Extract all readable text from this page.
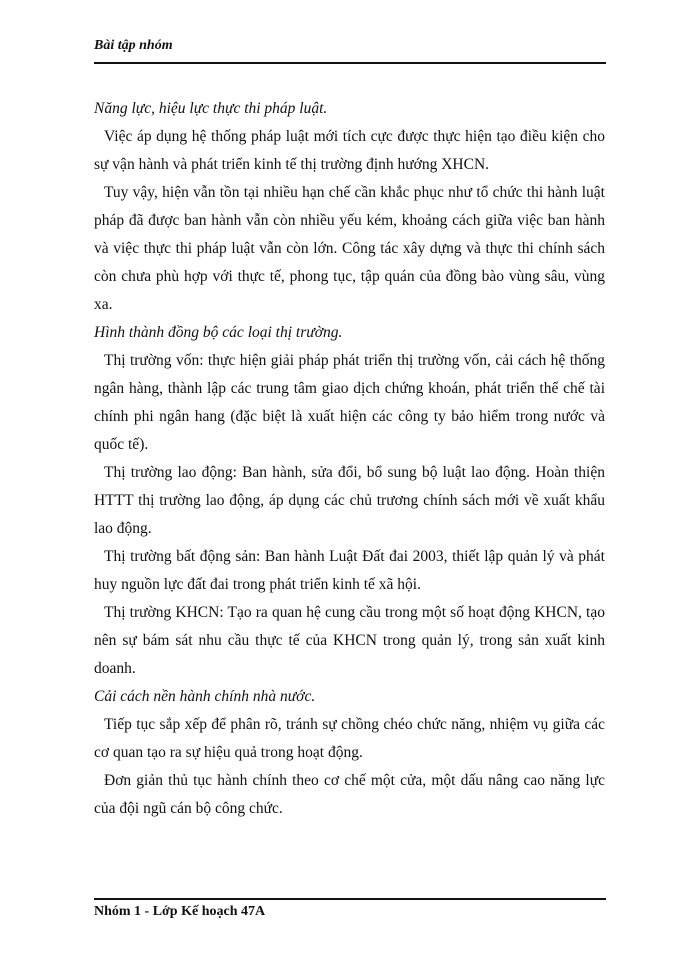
Bài tập nhóm

Năng lực, hiệu lực thực thi pháp luật.

Việc áp dụng hệ thống pháp luật mới tích cực được thực hiện tạo điều kiện cho sự vận hành và phát triển kinh tế thị trường định hướng XHCN.

Tuy vậy, hiện vẫn tồn tại nhiều hạn chế cần khắc phục như tổ chức thi hành luật pháp đã được ban hành vẫn còn nhiều yếu kém, khoảng cách giữa việc ban hành và việc thực thi pháp luật vẫn còn lớn. Công tác xây dựng và thực thi chính sách còn chưa phù hợp với thực tế, phong tục, tập quán của đồng bào vùng sâu, vùng xa.

Hình thành đồng bộ các loại thị trường.

Thị trường vốn: thực hiện giải pháp phát triển thị trường vốn, cải cách hệ thống ngân hàng, thành lập các trung tâm giao dịch chứng khoán, phát triển thể chế tài chính phi ngân hang (đặc biệt là xuất hiện các công ty bảo hiểm trong nước và quốc tế).

Thị trường lao động: Ban hành, sửa đổi, bổ sung bộ luật lao động. Hoàn thiện HTTT thị trường lao động, áp dụng các chủ trương chính sách mới về xuất khẩu lao động.

Thị trường bất động sản: Ban hành Luật Đất đai 2003, thiết lập quản lý và phát huy nguồn lực đất đai trong phát triển kinh tế xã hội.

Thị trường KHCN: Tạo ra quan hệ cung cầu trong một số hoạt động KHCN, tạo nên sự bám sát nhu cầu thực tế của KHCN trong quản lý, trong sản xuất kinh doanh.

Cải cách nền hành chính nhà nước.

Tiếp tục sắp xếp để phân rõ, tránh sự chồng chéo chức năng, nhiệm vụ giữa các cơ quan tạo ra sự hiệu quả trong hoạt động.

Đơn giản thủ tục hành chính theo cơ chế một cửa, một dấu nâng cao năng lực của đội ngũ cán bộ công chức.

Nhóm 1 - Lớp Kế hoạch 47A
